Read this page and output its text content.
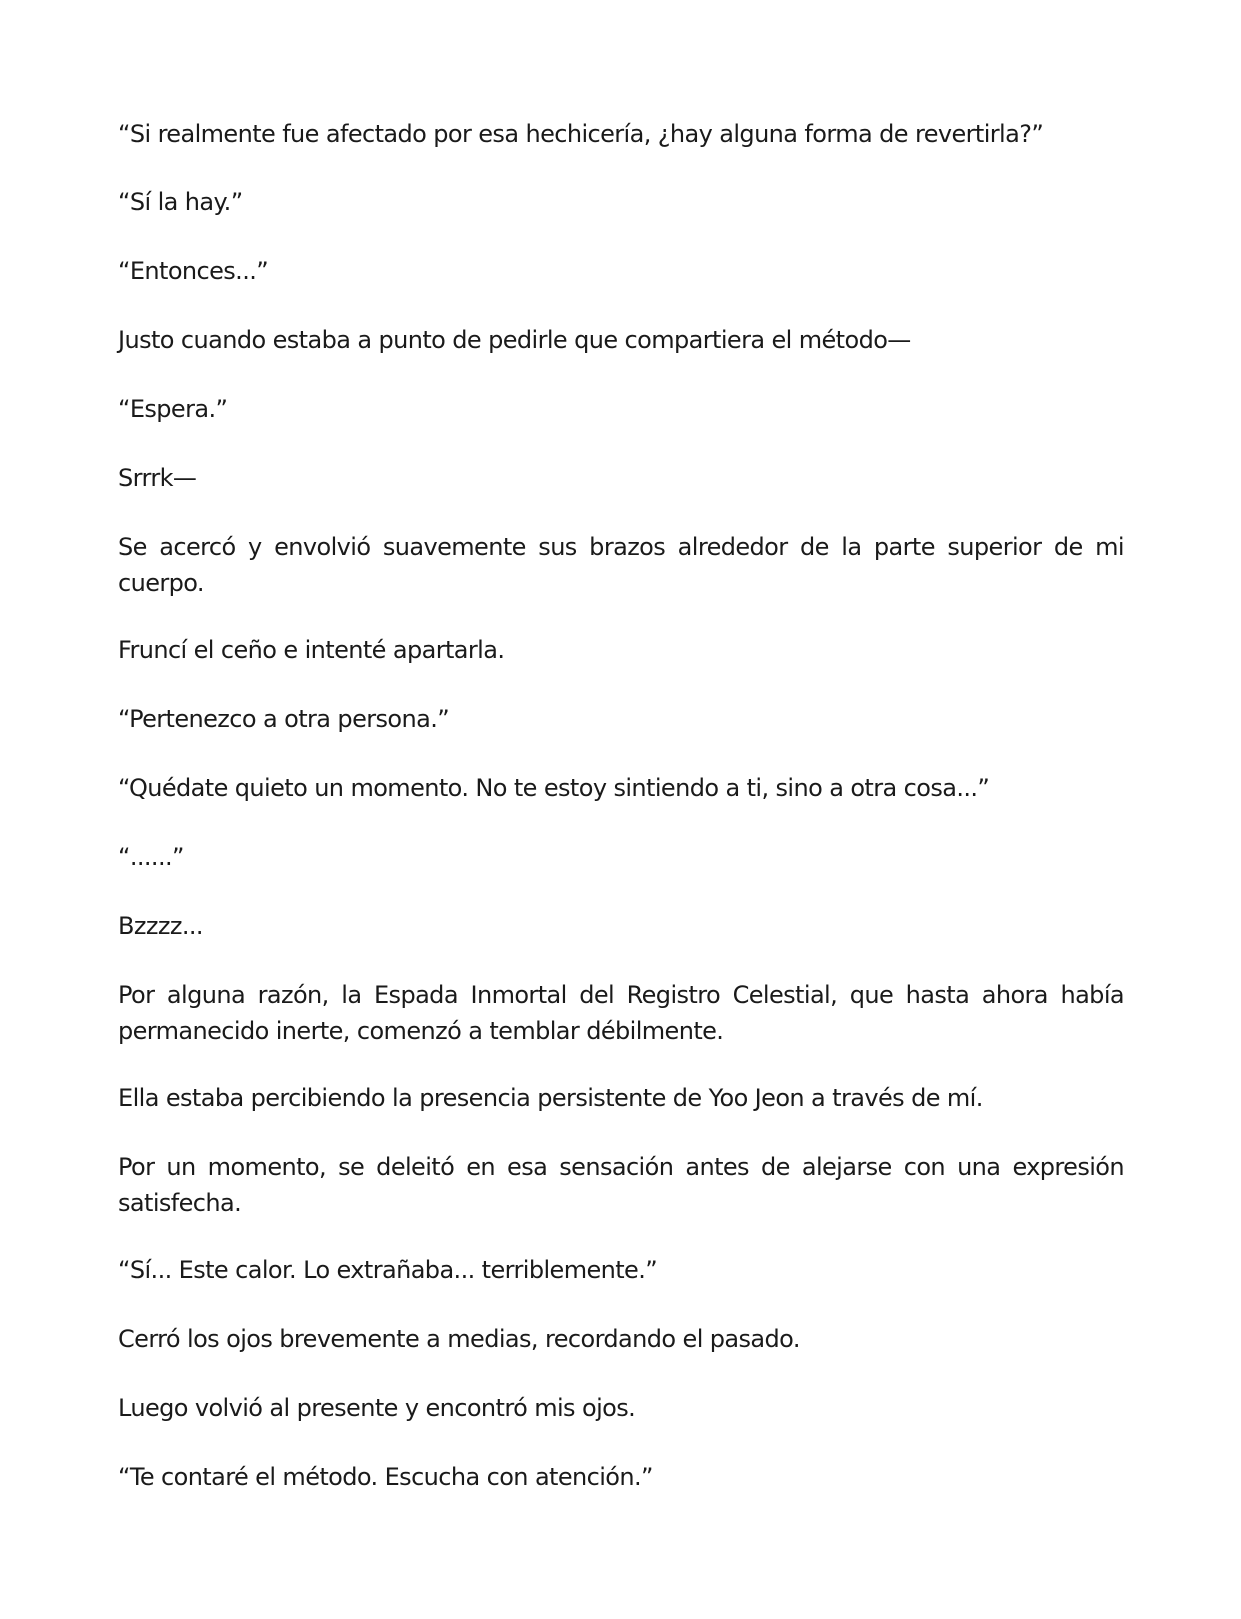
“Si realmente fue afectado por esa hechicería, ¿hay alguna forma de revertirla?”

“Sí la hay.”

“Entonces...”

Justo cuando estaba a punto de pedirle que compartiera el método—

“Espera.”

Srrrk—

Se acercó y envolvió suavemente sus brazos alrededor de la parte superior de mi cuerpo.

Fruncí el ceño e intenté apartarla.

“Pertenezco a otra persona.”

“Quédate quieto un momento. No te estoy sintiendo a ti, sino a otra cosa...”

“......”

Bzzzz...

Por alguna razón, la Espada Inmortal del Registro Celestial, que hasta ahora había permanecido inerte, comenzó a temblar débilmente.

Ella estaba percibiendo la presencia persistente de Yoo Jeon a través de mí.

Por un momento, se deleitó en esa sensación antes de alejarse con una expresión satisfecha.

“Sí... Este calor. Lo extrañaba... terriblemente.”

Cerró los ojos brevemente a medias, recordando el pasado.

Luego volvió al presente y encontró mis ojos.

“Te contaré el método. Escucha con atención.”
